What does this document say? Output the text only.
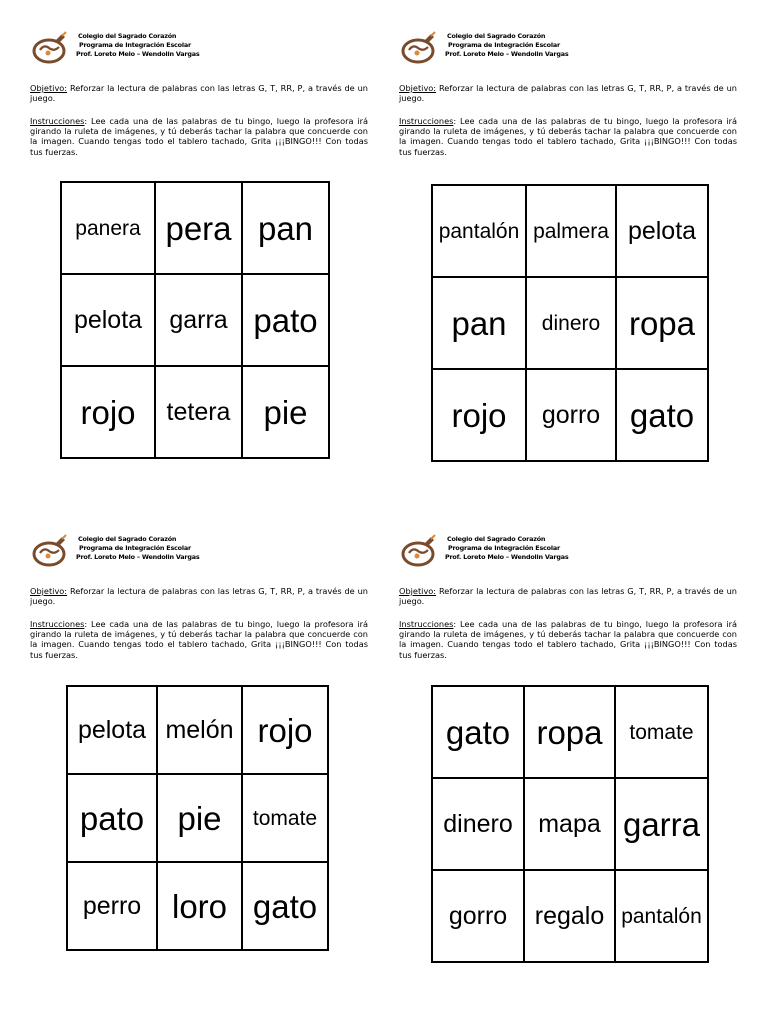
Colegio del Sagrado Corazón
Programa de Integración Escolar
Prof. Loreto Melo – Wendolin Vargas
Objetivo: Reforzar la lectura de palabras con las letras G, T, RR, P, a través de un juego.
Instrucciones: Lee cada una de las palabras de tu bingo, luego la profesora irá girando la ruleta de imágenes, y tú deberás tachar la palabra que concuerde con la imagen. Cuando tengas todo el tablero tachado, Grita ¡¡¡BINGO!!! Con todas tus fuerzas.
panera	pera	pan
pelota	garra	pato
rojo	tetera	pie
Colegio del Sagrado Corazón
Programa de Integración Escolar
Prof. Loreto Melo – Wendolin Vargas
Objetivo: Reforzar la lectura de palabras con las letras G, T, RR, P, a través de un juego.
Instrucciones: Lee cada una de las palabras de tu bingo, luego la profesora irá girando la ruleta de imágenes, y tú deberás tachar la palabra que concuerde con la imagen. Cuando tengas todo el tablero tachado, Grita ¡¡¡BINGO!!! Con todas tus fuerzas.
pantalón	palmera	pelota
pan	dinero	ropa
rojo	gorro	gato
Colegio del Sagrado Corazón
Programa de Integración Escolar
Prof. Loreto Melo – Wendolin Vargas
Objetivo: Reforzar la lectura de palabras con las letras G, T, RR, P, a través de un juego.
Instrucciones: Lee cada una de las palabras de tu bingo, luego la profesora irá girando la ruleta de imágenes, y tú deberás tachar la palabra que concuerde con la imagen. Cuando tengas todo el tablero tachado, Grita ¡¡¡BINGO!!! Con todas tus fuerzas.
pelota	melón	rojo
pato	pie	tomate
perro	loro	gato
Colegio del Sagrado Corazón
Programa de Integración Escolar
Prof. Loreto Melo – Wendolin Vargas
Objetivo: Reforzar la lectura de palabras con las letras G, T, RR, P, a través de un juego.
Instrucciones: Lee cada una de las palabras de tu bingo, luego la profesora irá girando la ruleta de imágenes, y tú deberás tachar la palabra que concuerde con la imagen. Cuando tengas todo el tablero tachado, Grita ¡¡¡BINGO!!! Con todas tus fuerzas.
gato	ropa	tomate
dinero	mapa	garra
gorro	regalo	pantalón
